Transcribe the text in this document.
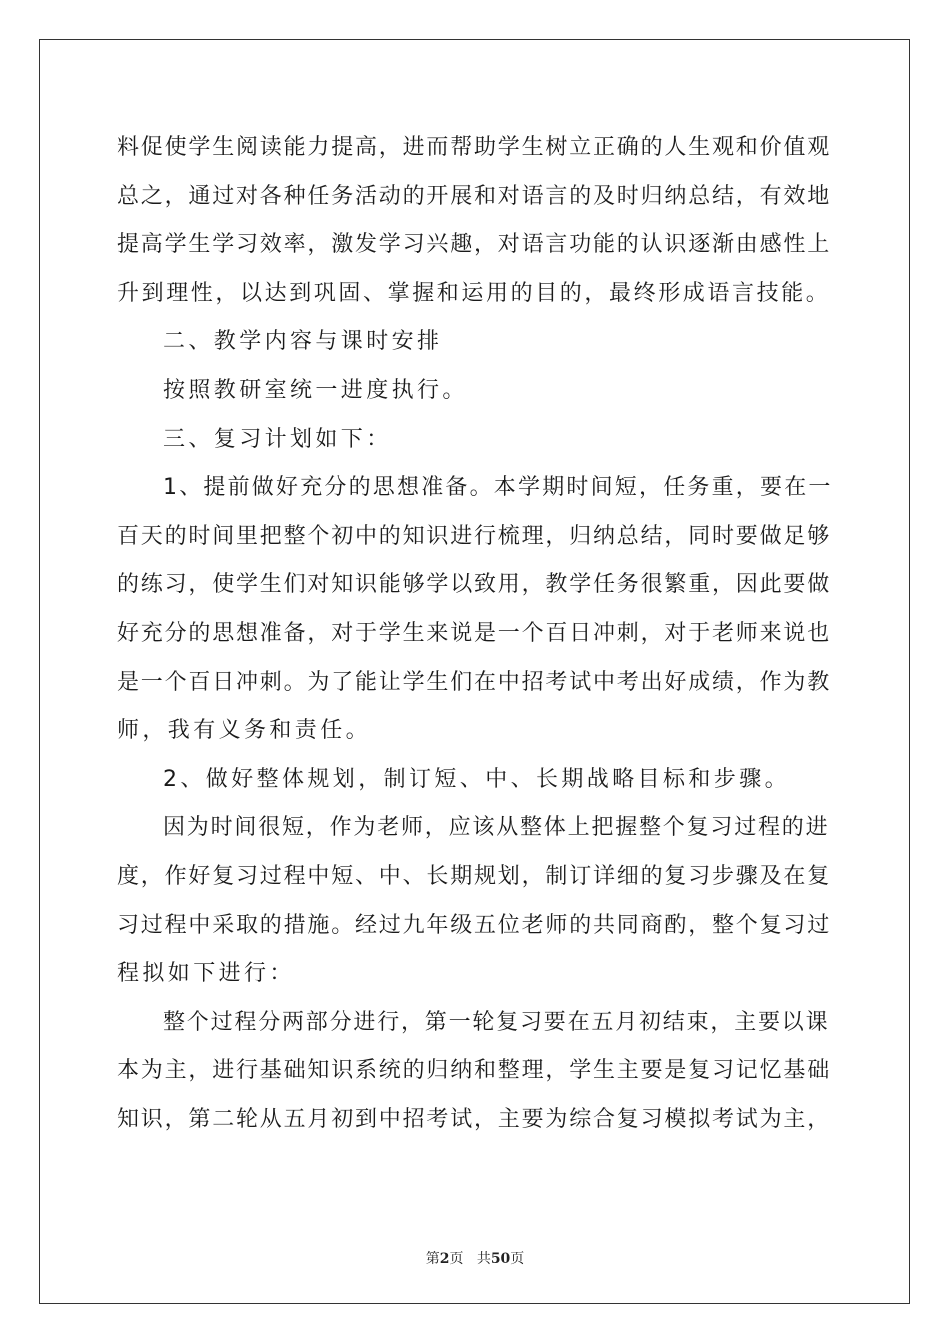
料促使学生阅读能力提高，进而帮助学生树立正确的人生观和价值观
总之，通过对各种任务活动的开展和对语言的及时归纳总结，有效地
提高学生学习效率，激发学习兴趣，对语言功能的认识逐渐由感性上
升到理性，以达到巩固、掌握和运用的目的，最终形成语言技能。
二、教学内容与课时安排
按照教研室统一进度执行。
三、复习计划如下：
1、提前做好充分的思想准备。本学期时间短，任务重，要在一
百天的时间里把整个初中的知识进行梳理，归纳总结，同时要做足够
的练习，使学生们对知识能够学以致用，教学任务很繁重，因此要做
好充分的思想准备，对于学生来说是一个百日冲刺，对于老师来说也
是一个百日冲刺。为了能让学生们在中招考试中考出好成绩，作为教
师，我有义务和责任。
2、做好整体规划，制订短、中、长期战略目标和步骤。
因为时间很短，作为老师，应该从整体上把握整个复习过程的进
度，作好复习过程中短、中、长期规划，制订详细的复习步骤及在复
习过程中采取的措施。经过九年级五位老师的共同商酌，整个复习过
程拟如下进行：
整个过程分两部分进行，第一轮复习要在五月初结束，主要以课
本为主，进行基础知识系统的归纳和整理，学生主要是复习记忆基础
知识，第二轮从五月初到中招考试，主要为综合复习模拟考试为主，
第2页 共50页
